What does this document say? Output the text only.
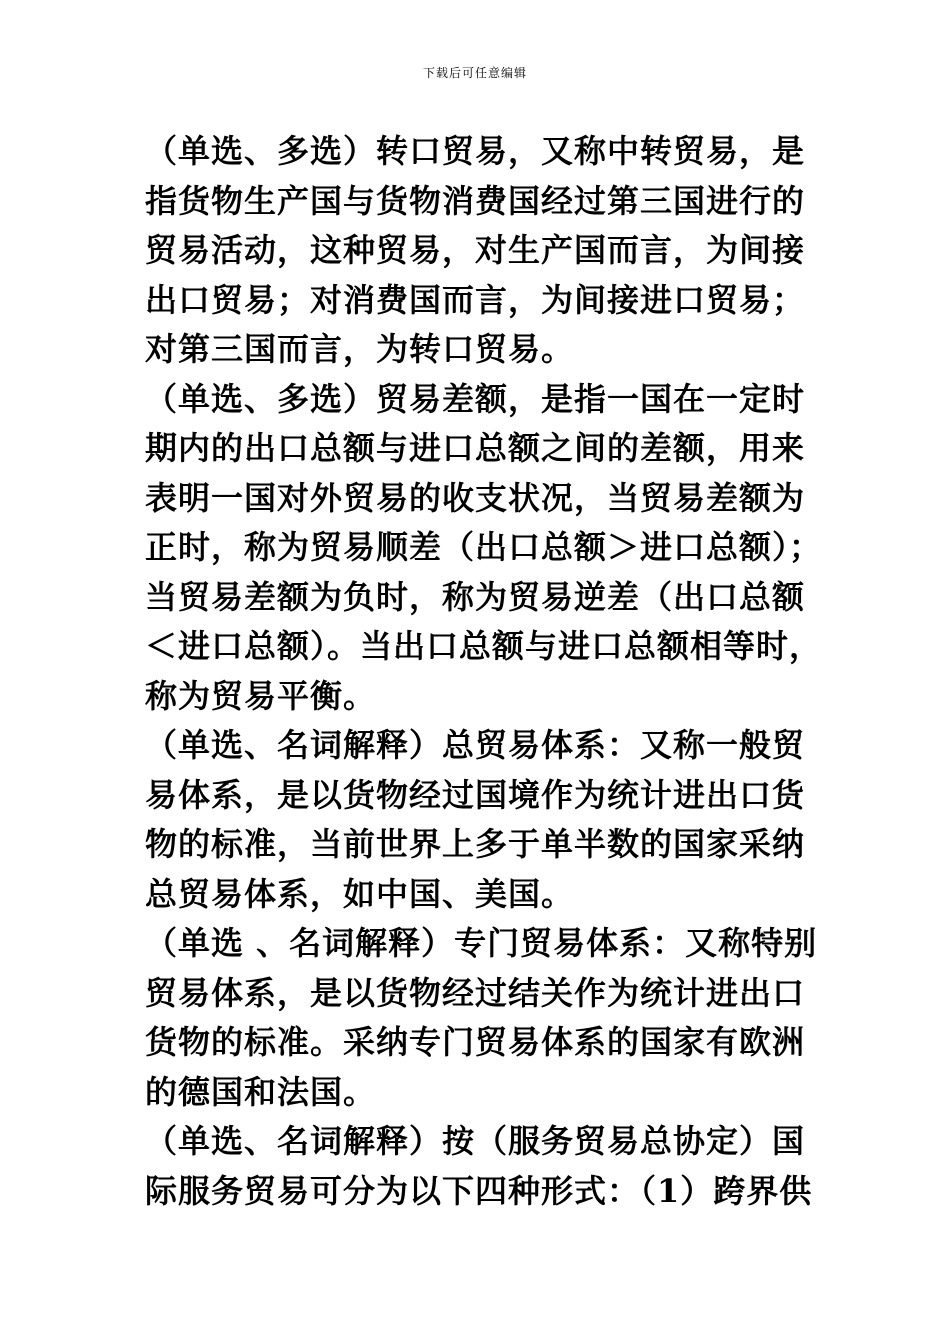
下载后可任意编辑
（单选、多选）转口贸易，又称中转贸易，是
指货物生产国与货物消费国经过第三国进行的
贸易活动，这种贸易，对生产国而言，为间接
出口贸易；对消费国而言，为间接进口贸易；
对第三国而言，为转口贸易。
（单选、多选）贸易差额，是指一国在一定时
期内的出口总额与进口总额之间的差额，用来
表明一国对外贸易的收支状况，当贸易差额为
正时，称为贸易顺差（出口总额＞进口总额）；
当贸易差额为负时，称为贸易逆差（出口总额
＜进口总额）。当出口总额与进口总额相等时，
称为贸易平衡。
（单选、名词解释）总贸易体系：又称一般贸
易体系，是以货物经过国境作为统计进出口货
物的标准，当前世界上多于单半数的国家采纳
总贸易体系，如中国、美国。
（单选 、名词解释）专门贸易体系：又称特别
贸易体系，是以货物经过结关作为统计进出口
货物的标准。采纳专门贸易体系的国家有欧洲
的德国和法国。
（单选、名词解释）按（服务贸易总协定）国
际服务贸易可分为以下四种形式：（1）跨界供
